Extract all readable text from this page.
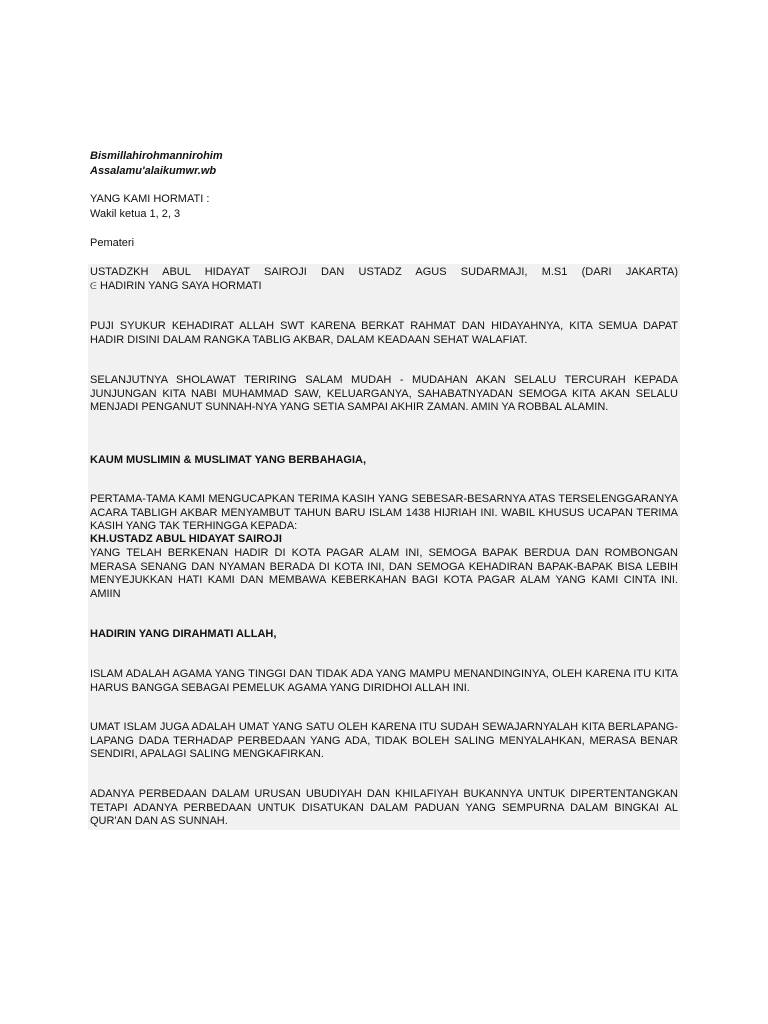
Bismillahirohmannirohim

Assalamu'alaikumwr.wb

YANG KAMI HORMATI :

Wakil ketua 1, 2, 3

Pemateri

USTADZKH ABUL HIDAYAT SAIROJI DAN USTADZ AGUS SUDARMAJI, M.S1 (DARI JAKARTA)

ᕮ HADIRIN YANG SAYA HORMATI

PUJI SYUKUR KEHADIRAT ALLAH SWT KARENA BERKAT RAHMAT DAN HIDAYAHNYA, KITA SEMUA DAPAT HADIR DISINI DALAM RANGKA TABLIG AKBAR, DALAM KEADAAN SEHAT WALAFIAT.

SELANJUTNYA SHOLAWAT TERIRING SALAM MUDAH - MUDAHAN AKAN SELALU TERCURAH KEPADA JUNJUNGAN KITA NABI MUHAMMAD SAW, KELUARGANYA, SAHABATNYADAN SEMOGA KITA AKAN SELALU MENJADI PENGANUT SUNNAH-NYA YANG SETIA SAMPAI AKHIR ZAMAN. AMIN YA ROBBAL ALAMIN.

KAUM MUSLIMIN & MUSLIMAT YANG BERBAHAGIA,

PERTAMA-TAMA KAMI MENGUCAPKAN TERIMA KASIH YANG SEBESAR-BESARNYA ATAS TERSELENGGARANYA ACARA TABLIGH AKBAR MENYAMBUT TAHUN BARU ISLAM 1438 HIJRIAH INI. WABIL KHUSUS UCAPAN TERIMA KASIH YANG TAK TERHINGGA KEPADA:

KH.USTADZ ABUL HIDAYAT SAIROJI

YANG TELAH BERKENAN HADIR DI KOTA PAGAR ALAM INI, SEMOGA BAPAK BERDUA DAN ROMBONGAN MERASA SENANG DAN NYAMAN BERADA DI KOTA INI, DAN SEMOGA KEHADIRAN BAPAK-BAPAK BISA LEBIH MENYEJUKKAN HATI KAMI DAN MEMBAWA KEBERKAHAN BAGI KOTA PAGAR ALAM YANG KAMI CINTA INI. AMIIN

HADIRIN YANG DIRAHMATI ALLAH,

ISLAM ADALAH AGAMA YANG TINGGI DAN TIDAK ADA YANG MAMPU MENANDINGINYA, OLEH KARENA ITU KITA HARUS BANGGA SEBAGAI PEMELUK AGAMA YANG DIRIDHOI ALLAH INI.

UMAT ISLAM JUGA ADALAH UMAT YANG SATU OLEH KARENA ITU SUDAH SEWAJARNYALAH KITA BERLAPANG-LAPANG DADA TERHADAP PERBEDAAN YANG ADA, TIDAK BOLEH SALING MENYALAHKAN, MERASA BENAR SENDIRI, APALAGI SALING MENGKAFIRKAN.

ADANYA PERBEDAAN DALAM URUSAN UBUDIYAH DAN KHILAFIYAH BUKANNYA UNTUK DIPERTENTANGKAN TETAPI ADANYA PERBEDAAN UNTUK DISATUKAN DALAM PADUAN YANG SEMPURNA DALAM BINGKAI AL QUR'AN DAN AS SUNNAH.
